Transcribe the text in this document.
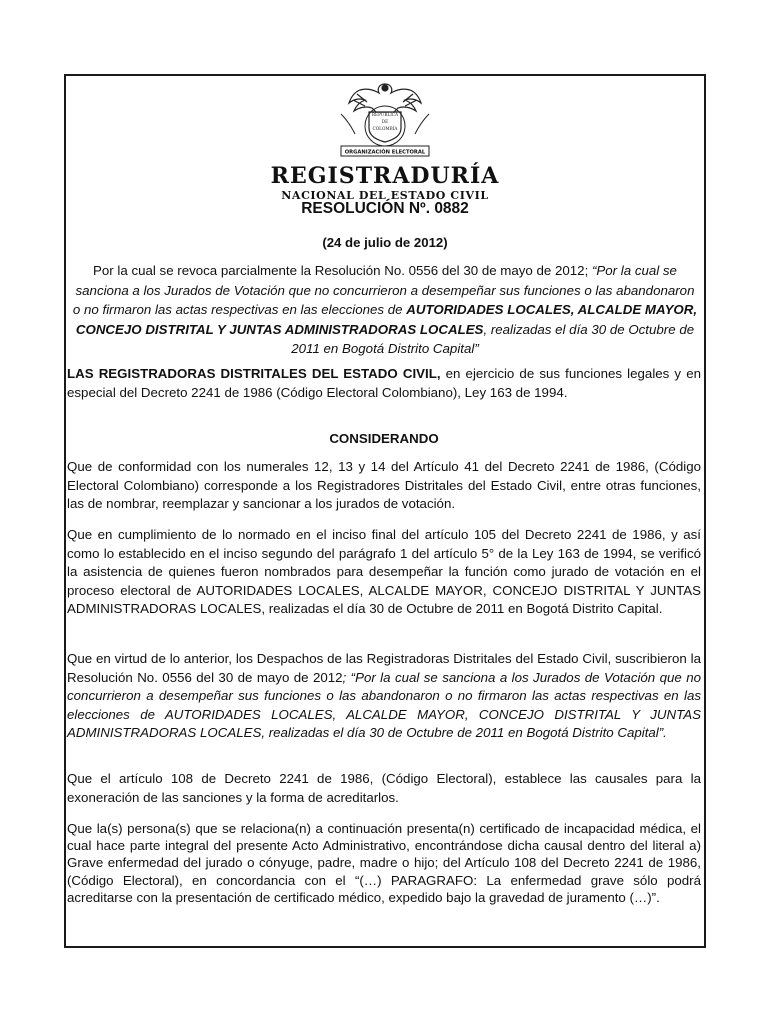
REPÚBLICA
DE
COLOMBIA
ORGANIZACIÓN ELECTORAL
REGISTRADURÍA
NACIONAL DEL ESTADO CIVIL
RESOLUCIÓN Nº. 0882
(24 de julio de 2012)
Por la cual se revoca parcialmente la Resolución No. 0556 del 30 de mayo de 2012; “Por la cual se sanciona a los Jurados de Votación que no concurrieron a desempeñar sus funciones o las abandonaron o no firmaron las actas respectivas en las elecciones de AUTORIDADES LOCALES, ALCALDE MAYOR, CONCEJO DISTRITAL Y JUNTAS ADMINISTRADORAS LOCALES, realizadas el día 30 de Octubre de 2011 en Bogotá Distrito Capital”

LAS REGISTRADORAS DISTRITALES DEL ESTADO CIVIL, en ejercicio de sus funciones legales y en especial del Decreto 2241 de 1986 (Código Electoral Colombiano), Ley 163 de 1994.

CONSIDERANDO

Que de conformidad con los numerales 12, 13 y 14 del Artículo 41 del Decreto 2241 de 1986, (Código Electoral Colombiano) corresponde a los Registradores Distritales del Estado Civil, entre otras funciones, las de nombrar, reemplazar y sancionar a los jurados de votación.

Que en cumplimiento de lo normado en el inciso final del artículo 105 del Decreto 2241 de 1986, y así como lo establecido en el inciso segundo del parágrafo 1 del artículo 5° de la Ley 163 de 1994, se verificó la asistencia de quienes fueron nombrados para desempeñar la función como jurado de votación en el proceso electoral de AUTORIDADES LOCALES, ALCALDE MAYOR, CONCEJO DISTRITAL Y JUNTAS ADMINISTRADORAS LOCALES, realizadas el día 30 de Octubre de 2011 en Bogotá Distrito Capital.

Que en virtud de lo anterior, los Despachos de las Registradoras Distritales del Estado Civil, suscribieron la Resolución No. 0556 del 30 de mayo de 2012; “Por la cual se sanciona a los Jurados de Votación que no concurrieron a desempeñar sus funciones o las abandonaron o no firmaron las actas respectivas en las elecciones de AUTORIDADES LOCALES, ALCALDE MAYOR, CONCEJO DISTRITAL Y JUNTAS ADMINISTRADORAS LOCALES, realizadas el día 30 de Octubre de 2011 en Bogotá Distrito Capital”.

Que el artículo 108 de Decreto 2241 de 1986, (Código Electoral), establece las causales para la exoneración de las sanciones y la forma de acreditarlos.

Que la(s) persona(s) que se relaciona(n) a continuación presenta(n) certificado de incapacidad médica, el cual hace parte integral del presente Acto Administrativo, encontrándose dicha causal dentro del literal a) Grave enfermedad del jurado o cónyuge, padre, madre o hijo; del Artículo 108 del Decreto 2241 de 1986, (Código Electoral), en concordancia con el “(…) PARAGRAFO: La enfermedad grave sólo podrá acreditarse con la presentación de certificado médico, expedido bajo la gravedad de juramento (…)”.
